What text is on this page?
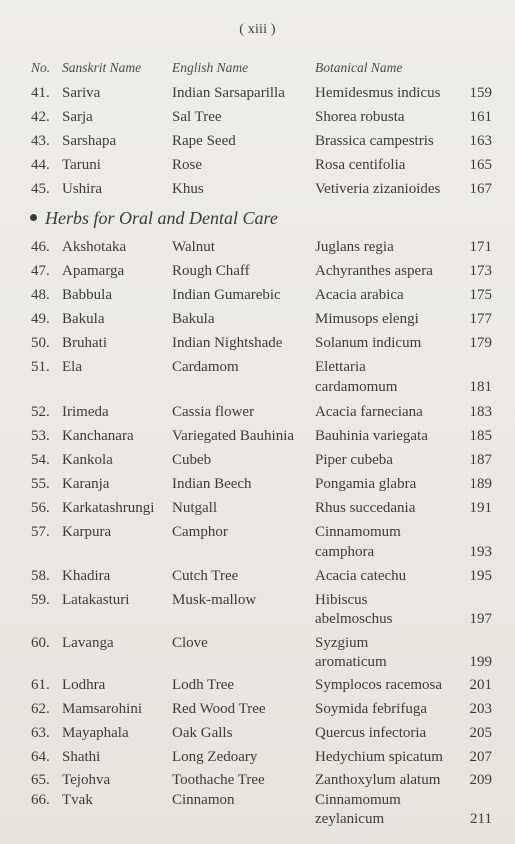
( xiii )
No. Sanskrit Name	English Name	Botanical Name
41. Sariva	Indian Sarsaparilla	Hemidesmus indicus	159
42. Sarja	Sal Tree	Shorea robusta	161
43. Sarshapa	Rape Seed	Brassica campestris	163
44. Taruni	Rose	Rosa centifolia	165
45. Ushira	Khus	Vetiveria zizanioides	167
Herbs for Oral and Dental Care
46. Akshotaka	Walnut	Juglans regia	171
47. Apamarga	Rough Chaff	Achyranthes aspera	173
48. Babbula	Indian Gumarebic	Acacia arabica	175
49. Bakula	Bakula	Mimusops elengi	177
50. Bruhati	Indian Nightshade	Solanum indicum	179
51. Ela	Cardamom	Elettaria
cardamomum	181
52. Irimeda	Cassia flower	Acacia farneciana	183
53. Kanchanara	Variegated Bauhinia	Bauhinia variegata	185
54. Kankola	Cubeb	Piper cubeba	187
55. Karanja	Indian Beech	Pongamia glabra	189
56. Karkatashrungi	Nutgall	Rhus succedania	191
57. Karpura	Camphor	Cinnamomum
camphora	193
58. Khadira	Cutch Tree	Acacia catechu	195
59. Latakasturi	Musk-mallow	Hibiscus
abelmoschus	197
60. Lavanga	Clove	Syzgium
aromaticum	199
61. Lodhra	Lodh Tree	Symplocos racemosa	201
62. Mamsarohini	Red Wood Tree	Soymida febrifuga	203
63. Mayaphala	Oak Galls	Quercus infectoria	205
64. Shathi	Long Zedoary	Hedychium spicatum	207
65. Tejohva	Toothache Tree	Zanthoxylum alatum	209
66. Tvak	Cinnamon	Cinnamomum
zeylanicum	211
